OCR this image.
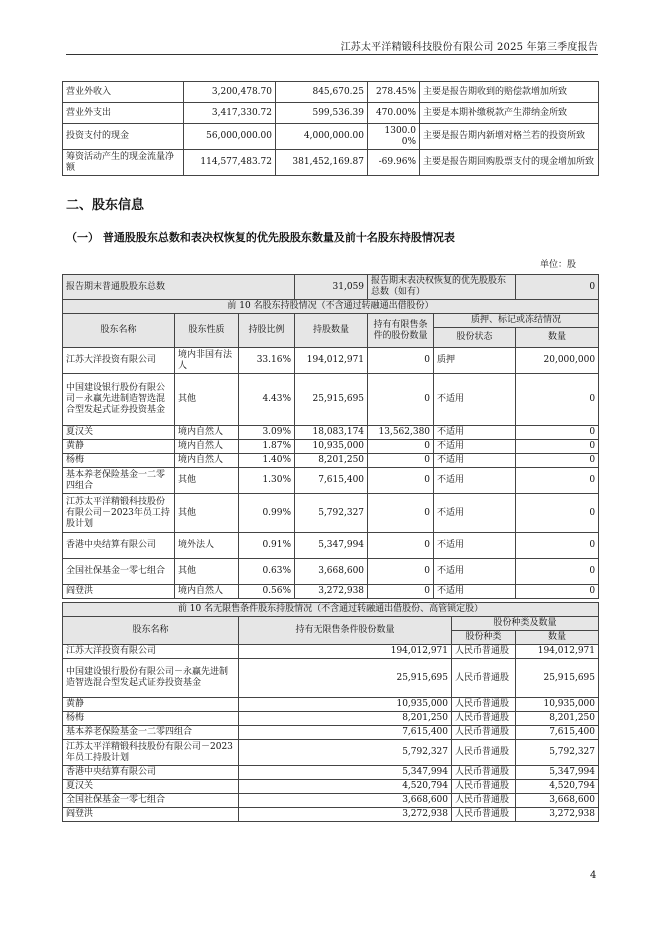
江苏太平洋精锻科技股份有限公司 2025 年第三季度报告
营业外收入	3,200,478.70	845,670.25	278.45%	主要是报告期收到的赔偿款增加所致
营业外支出	3,417,330.72	599,536.39	470.00%	主要是本期补缴税款产生滞纳金所致
投资支付的现金	56,000,000.00	4,000,000.00	1300.00%	主要是报告期内新增对格兰若的投资所致
筹资活动产生的现金流量净额	114,577,483.72	381,452,169.87	-69.96%	主要是报告期回购股票支付的现金增加所致
二、股东信息
（一） 普通股股东总数和表决权恢复的优先股股东数量及前十名股东持股情况表
单位：股
报告期末普通股股东总数			31,059	报告期末表决权恢复的优先股股东总数（如有）		0
前 10 名股东持股情况（不含通过转融通出借股份）						
股东名称	股东性质	持股比例	持股数量	持有有限售条件的股份数量	质押、标记或冻结情况	
					股份状态	数量
江苏大洋投资有限公司	境内非国有法人	33.16%	194,012,971	0	质押	20,000,000
中国建设银行股份有限公司－永赢先进制造智选混合型发起式证券投资基金	其他	4.43%	25,915,695	0	不适用	0
夏汉关	境内自然人	3.09%	18,083,174	13,562,380	不适用	0
黄静	境内自然人	1.87%	10,935,000	0	不适用	0
杨梅	境内自然人	1.40%	8,201,250	0	不适用	0
基本养老保险基金一二零四组合	其他	1.30%	7,615,400	0	不适用	0
江苏太平洋精锻科技股份有限公司－2023年员工持股计划	其他	0.99%	5,792,327	0	不适用	0
香港中央结算有限公司	境外法人	0.91%	5,347,994	0	不适用	0
全国社保基金一零七组合	其他	0.63%	3,668,600	0	不适用	0
阎登洪	境内自然人	0.56%	3,272,938	0	不适用	0
前 10 名无限售条件股东持股情况（不含通过转融通出借股份、高管锁定股）			
股东名称	持有无限售条件股份数量	股份种类及数量	
		股份种类	数量
江苏大洋投资有限公司	194,012,971	人民币普通股	194,012,971
中国建设银行股份有限公司－永赢先进制造智选混合型发起式证券投资基金	25,915,695	人民币普通股	25,915,695
黄静	10,935,000	人民币普通股	10,935,000
杨梅	8,201,250	人民币普通股	8,201,250
基本养老保险基金一二零四组合	7,615,400	人民币普通股	7,615,400
江苏太平洋精锻科技股份有限公司－2023 年员工持股计划	5,792,327	人民币普通股	5,792,327
香港中央结算有限公司	5,347,994	人民币普通股	5,347,994
夏汉关	4,520,794	人民币普通股	4,520,794
全国社保基金一零七组合	3,668,600	人民币普通股	3,668,600
阎登洪	3,272,938	人民币普通股	3,272,938
4
